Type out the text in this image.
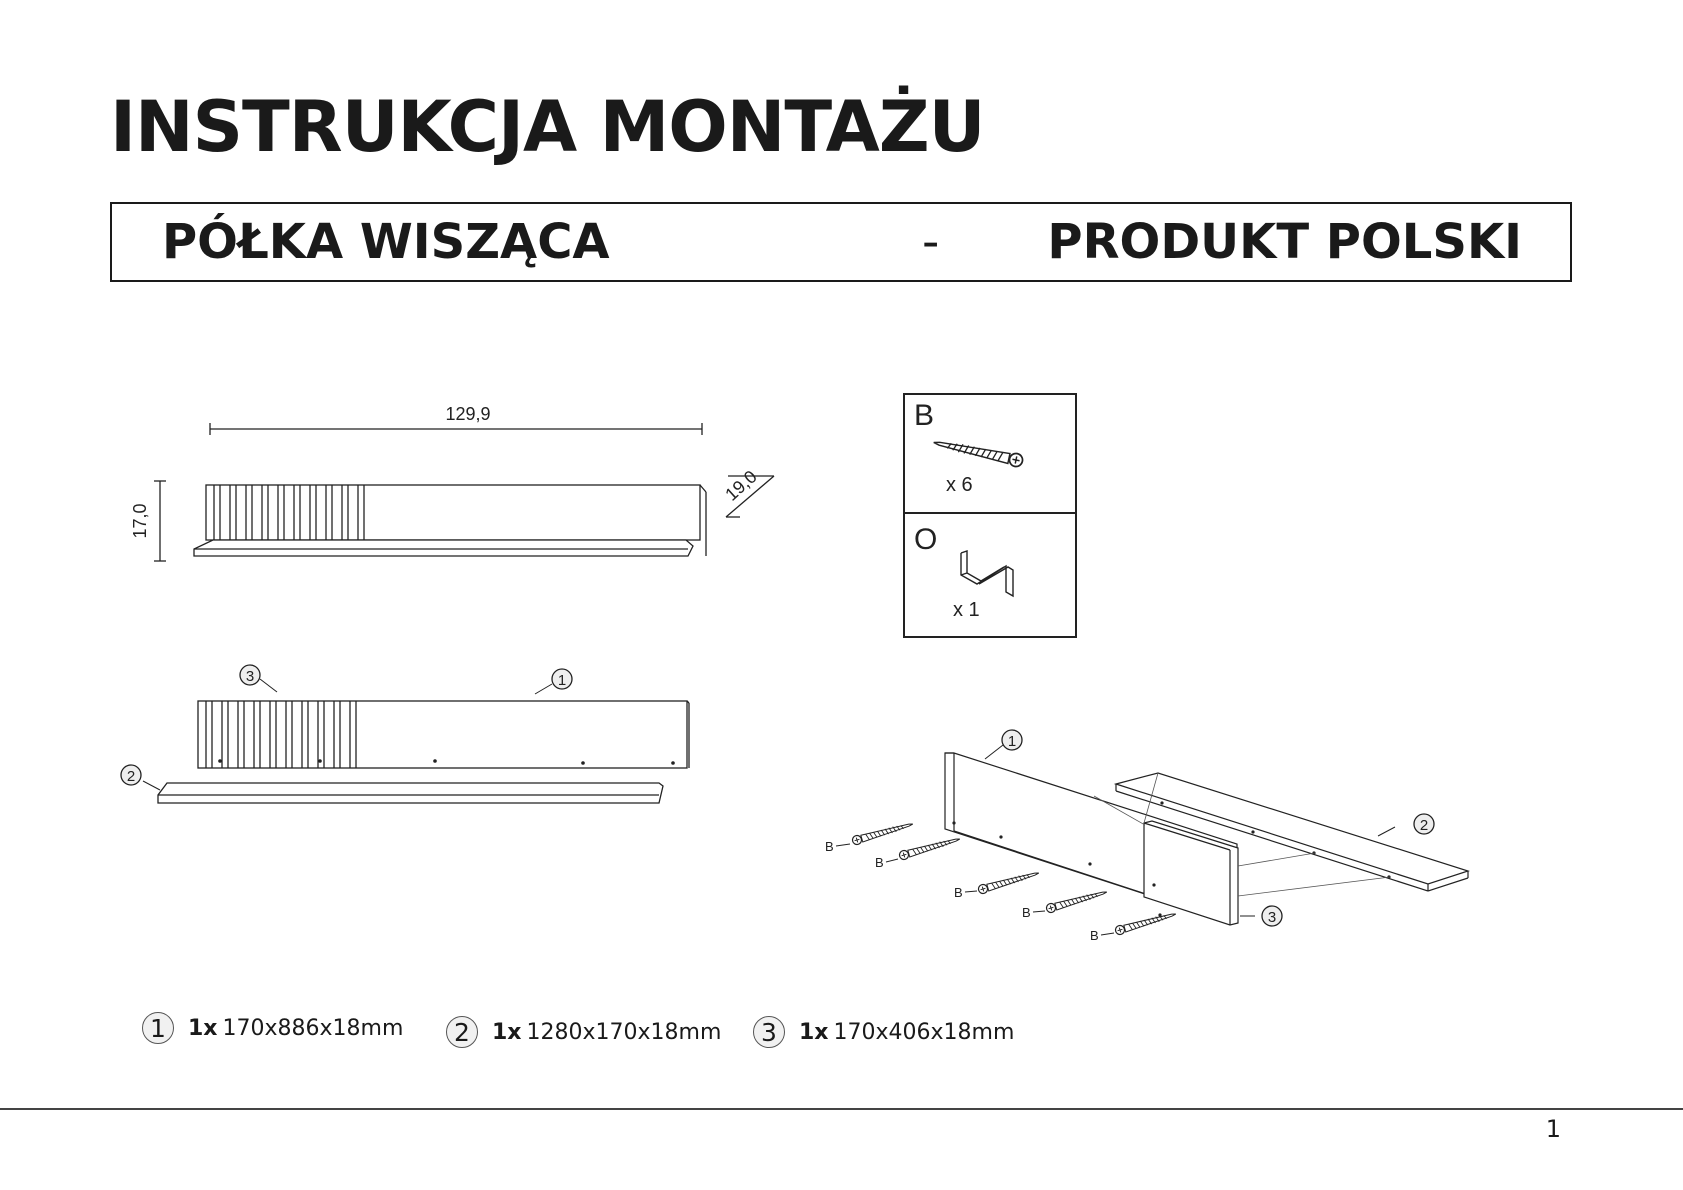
INSTRUKCJA MONTAŻU
PÓŁKA WISZĄCA	- PRODUKT POLSKI
129,9
17,0
19,0
B
x 6
O
x 1
3	1
2
B
B
B
B
B
1
2
3
1	1x 170x886x18mm	2	1x 1280x170x18mm	3	1x 170x406x18mm
1
